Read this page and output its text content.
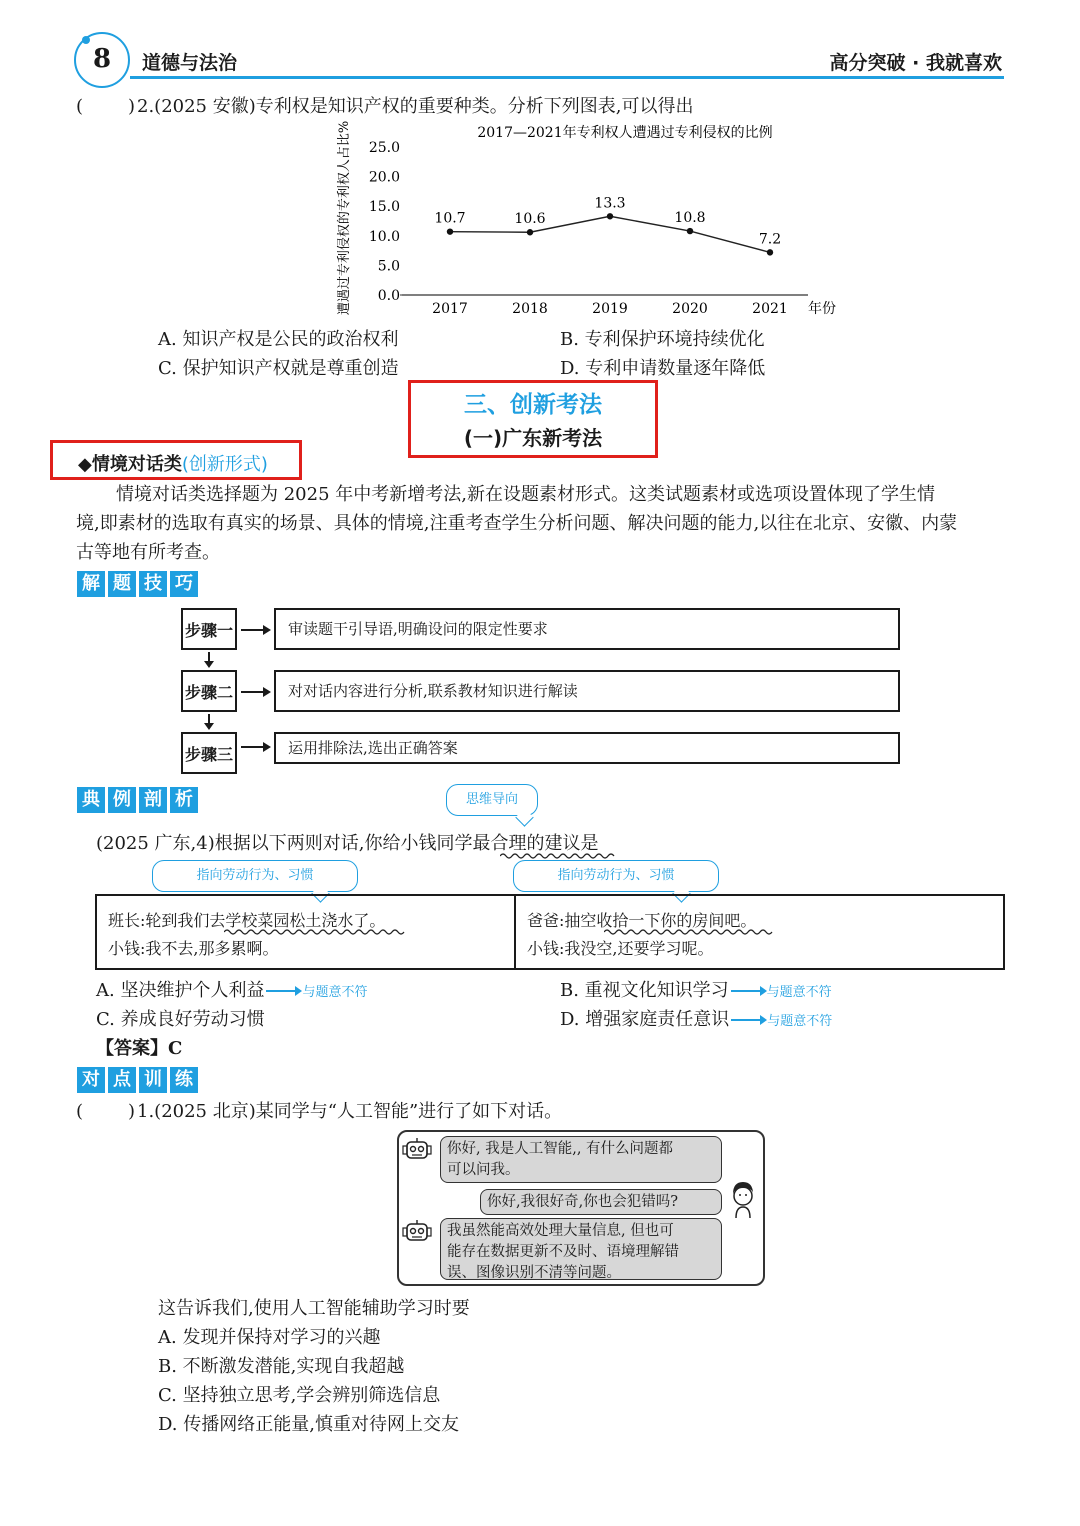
8	道德与法治	高分突破 · 我就喜欢
( ) 2.(2025 安徽)专利权是知识产权的重要种类。分析下列图表,可以得出
2017—2021年专利权人遭遇过专利侵权的比例
遭遇过专利侵权的专利权人占比% 0.0
5.0
10.0
15.0
20.0
25.0
2017	2018	2019	2020	2021
10.7	10.6
13.3
10.8
7.2
年份
A. 知识产权是公民的政治权利	B. 专利保护环境持续优化
C. 保护知识产权就是尊重创造	D. 专利申请数量逐年降低
三、创新考法
(一)广东新考法
◆情境对话类(创新形式)
情境对话类选择题为 2025 年中考新增考法,新在设题素材形式。这类试题素材或选项设置体现了学生情
境,即素材的选取有真实的场景、具体的情境,注重考查学生分析问题、解决问题的能力,以往在北京、安徽、内蒙
古等地有所考查。
解 题 技 巧
步骤一	审读题干引导语,明确设问的限定性要求
步骤二	对对话内容进行分析,联系教材知识进行解读
步骤三	运用排除法,选出正确答案
典 例 剖 析	思维导向
(2025 广东,4)根据以下两则对话,你给小钱同学最合理的建议是
指向劳动行为、习惯	指向劳动行为、习惯
班长:轮到我们去学校菜园松土浇水了。
小钱:我不去,那多累啊。
爸爸:抽空收拾一下你的房间吧。
小钱:我没空,还要学习呢。
A. 坚决维护个人利益	与题意不符	B. 重视文化知识学习	与题意不符
C. 养成良好劳动习惯	D. 增强家庭责任意识	与题意不符
【答案】C
对 点 训 练
( ) 1.(2025 北京)某同学与“人工智能”进行了如下对话。
你好, 我是人工智能,, 有什么问题都
可以问我。
你好,我很好奇,你也会犯错吗?
我虽然能高效处理大量信息, 但也可
能存在数据更新不及时、语境理解错
误、图像识别不清等问题。
这告诉我们,使用人工智能辅助学习时要
A. 发现并保持对学习的兴趣
B. 不断激发潜能,实现自我超越
C. 坚持独立思考,学会辨别筛选信息
D. 传播网络正能量,慎重对待网上交友
